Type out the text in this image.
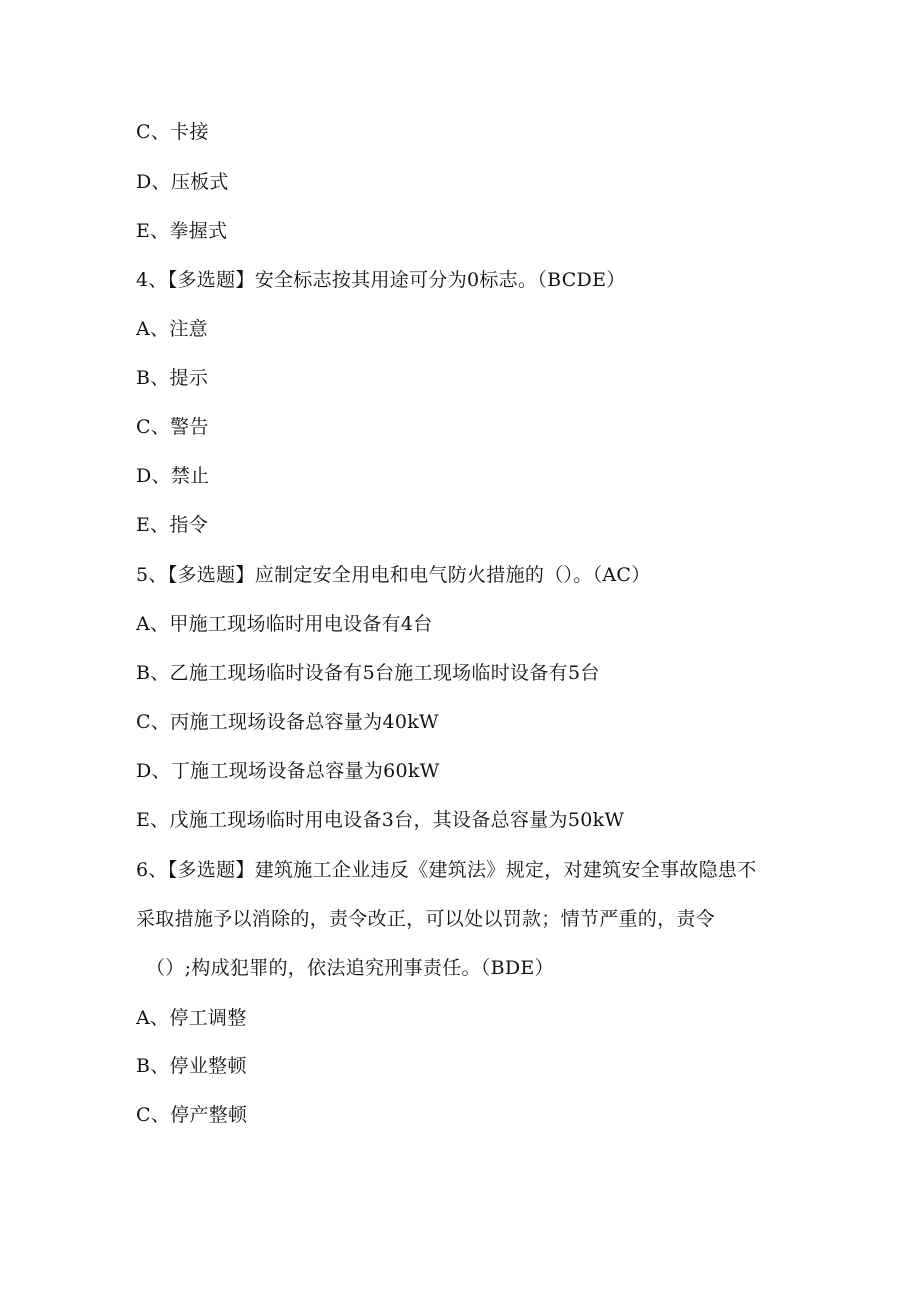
C、卡接
D、压板式
E、拳握式
4、【多选题】安全标志按其用途可分为0标志。（BCDE）
A、注意
B、提示
C、警告
D、禁止
E、指令
5、【多选题】应制定安全用电和电气防火措施的（）。（AC）
A、甲施工现场临时用电设备有4台
B、乙施工现场临时设备有5台施工现场临时设备有5台
C、丙施工现场设备总容量为40kW
D、丁施工现场设备总容量为60kW
E、戊施工现场临时用电设备3台，其设备总容量为50kW
6、【多选题】建筑施工企业违反《建筑法》规定，对建筑安全事故隐患不
采取措施予以消除的，责令改正，可以处以罚款；情节严重的，责令
（）;构成犯罪的，依法追究刑事责任。（BDE）
A、停工调整
B、停业整顿
C、停产整顿
